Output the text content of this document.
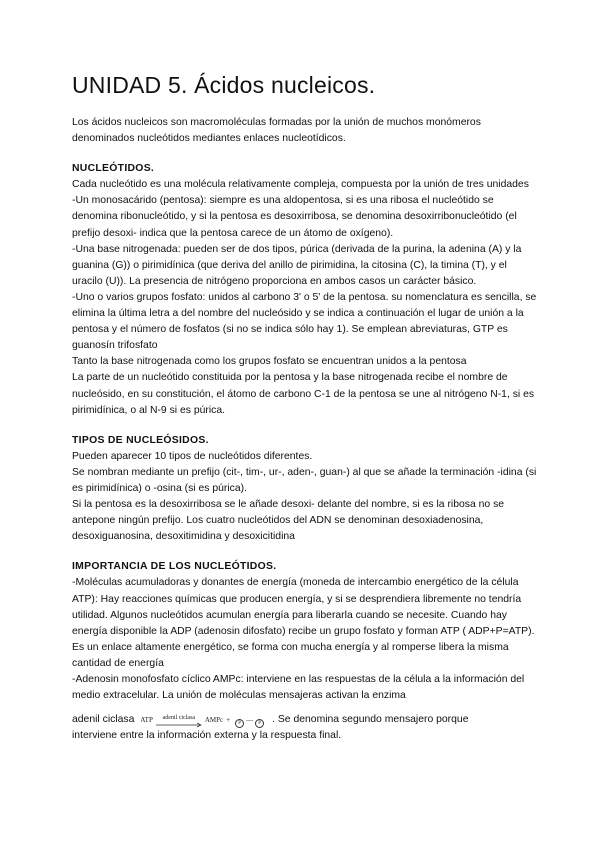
UNIDAD 5. Ácidos nucleicos.

Los ácidos nucleicos son macromoléculas formadas por la unión de muchos monómeros denominados nucleótidos mediantes enlaces nucleotídicos.

NUCLEÓTIDOS.

Cada nucleótido es una molécula relativamente compleja, compuesta por la unión de tres unidades

-Un monosacárido (pentosa): siempre es una aldopentosa, si es una ribosa el nucleótido se denomina ribonucleótido, y si la pentosa es desoxirribosa, se denomina desoxirribonucleótido (el prefijo desoxi- indica que la pentosa carece de un átomo de oxígeno).

-Una base nitrogenada: pueden ser de dos tipos, púrica (derivada de la purina, la adenina (A) y la guanina (G)) o pirimidínica (que deriva del anillo de pirimidina, la citosina (C), la timina (T), y el uracilo (U)). La presencia de nitrógeno proporciona en ambos casos un carácter básico.

-Uno o varios grupos fosfato: unidos al carbono 3' o 5' de la pentosa. su nomenclatura es sencilla, se elimina la última letra a del nombre del nucleósido y se indica a continuación el lugar de unión a la pentosa y el número de fosfatos (si no se indica sólo hay 1). Se emplean abreviaturas, GTP es guanosín trifosfato

Tanto la base nitrogenada como los grupos fosfato se encuentran unidos a la pentosa

La parte de un nucleótido constituida por la pentosa y la base nitrogenada recibe el nombre de nucleósido, en su constitución, el átomo de carbono C-1 de la pentosa se une al nitrógeno N-1, si es pirimidínica, o al N-9 si es púrica.

TIPOS DE NUCLEÓSIDOS.

Pueden aparecer 10 tipos de nucleótidos diferentes.

Se nombran mediante un prefijo (cit-, tim-, ur-, aden-, guan-) al que se añade la terminación -idina (si es pirimidínica) o -osina (si es púrica).

Si la pentosa es la desoxirribosa se le añade desoxi- delante del nombre, si es la ribosa no se antepone ningún prefijo. Los cuatro nucleótidos del ADN se denominan desoxiadenosina, desoxiguanosina, desoxitimidina y desoxicitidina

IMPORTANCIA DE LOS NUCLEÓTIDOS.

-Moléculas acumuladoras y donantes de energía (moneda de intercambio energético de la célula ATP): Hay reacciones químicas que producen energía, y si se desprendiera libremente no tendría utilidad. Algunos nucleótidos acumulan energía para liberarla cuando se necesite. Cuando hay energía disponible la ADP (adenosin difosfato) recibe un grupo fosfato y forman ATP ( ADP+P=ATP). Es un enlace altamente energético, se forma con mucha energía y al romperse libera la misma cantidad de energía

-Adenosin monofosfato cíclico AMPc: interviene en las respuestas de la célula a la información del medio extracelular. La unión de moléculas mensajeras activan la enzima

adenil ciclasa ATP adenil ciclasa AMPc +	P —	P . Se denomina segundo mensajero porque

interviene entre la información externa y la respuesta final.
